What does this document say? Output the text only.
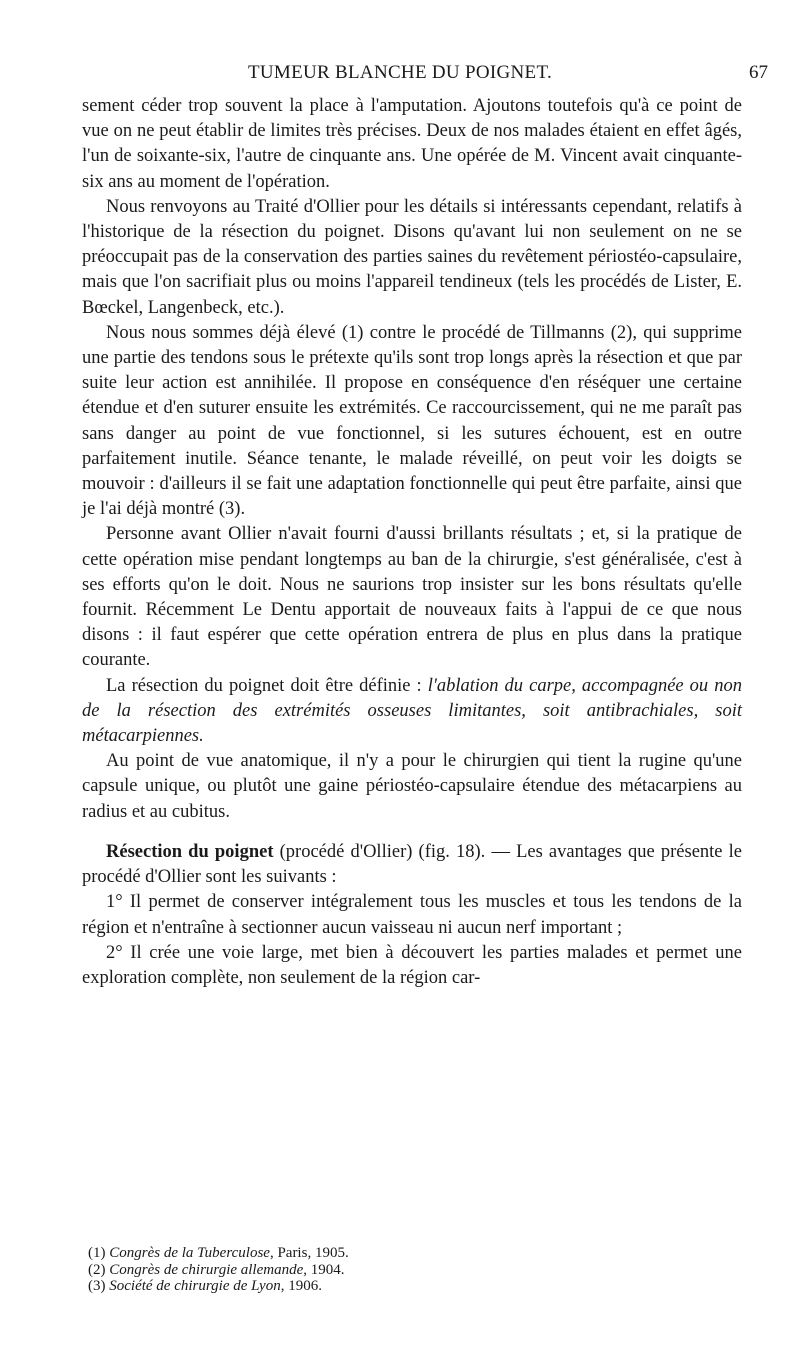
TUMEUR BLANCHE DU POIGNET.	67

sement céder trop souvent la place à l'amputation. Ajoutons toutefois qu'à ce point de vue on ne peut établir de limites très précises. Deux de nos malades étaient en effet âgés, l'un de soixante-six, l'autre de cinquante ans. Une opérée de M. Vincent avait cinquante-six ans au moment de l'opération.

Nous renvoyons au Traité d'Ollier pour les détails si intéressants cependant, relatifs à l'historique de la résection du poignet. Disons qu'avant lui non seulement on ne se préoccupait pas de la conservation des parties saines du revêtement périostéo-capsulaire, mais que l'on sacrifiait plus ou moins l'appareil tendineux (tels les procédés de Lister, E. Bœckel, Langenbeck, etc.).

Nous nous sommes déjà élevé (1) contre le procédé de Tillmanns (2), qui supprime une partie des tendons sous le prétexte qu'ils sont trop longs après la résection et que par suite leur action est annihilée. Il propose en conséquence d'en réséquer une certaine étendue et d'en suturer ensuite les extrémités. Ce raccourcissement, qui ne me paraît pas sans danger au point de vue fonctionnel, si les sutures échouent, est en outre parfaitement inutile. Séance tenante, le malade réveillé, on peut voir les doigts se mouvoir : d'ailleurs il se fait une adaptation fonctionnelle qui peut être parfaite, ainsi que je l'ai déjà montré (3).

Personne avant Ollier n'avait fourni d'aussi brillants résultats ; et, si la pratique de cette opération mise pendant longtemps au ban de la chirurgie, s'est généralisée, c'est à ses efforts qu'on le doit. Nous ne saurions trop insister sur les bons résultats qu'elle fournit. Récemment Le Dentu apportait de nouveaux faits à l'appui de ce que nous disons : il faut espérer que cette opération entrera de plus en plus dans la pratique courante.

La résection du poignet doit être définie : l'ablation du carpe, accompagnée ou non de la résection des extrémités osseuses limitantes, soit antibrachiales, soit métacarpiennes.

Au point de vue anatomique, il n'y a pour le chirurgien qui tient la rugine qu'une capsule unique, ou plutôt une gaine périostéo-capsulaire étendue des métacarpiens au radius et au cubitus.

Résection du poignet (procédé d'Ollier) (fig. 18). — Les avantages que présente le procédé d'Ollier sont les suivants :

1° Il permet de conserver intégralement tous les muscles et tous les tendons de la région et n'entraîne à sectionner aucun vaisseau ni aucun nerf important ;

2° Il crée une voie large, met bien à découvert les parties malades et permet une exploration complète, non seulement de la région car-

(1) Congrès de la Tuberculose, Paris, 1905.

(2) Congrès de chirurgie allemande, 1904.

(3) Société de chirurgie de Lyon, 1906.
